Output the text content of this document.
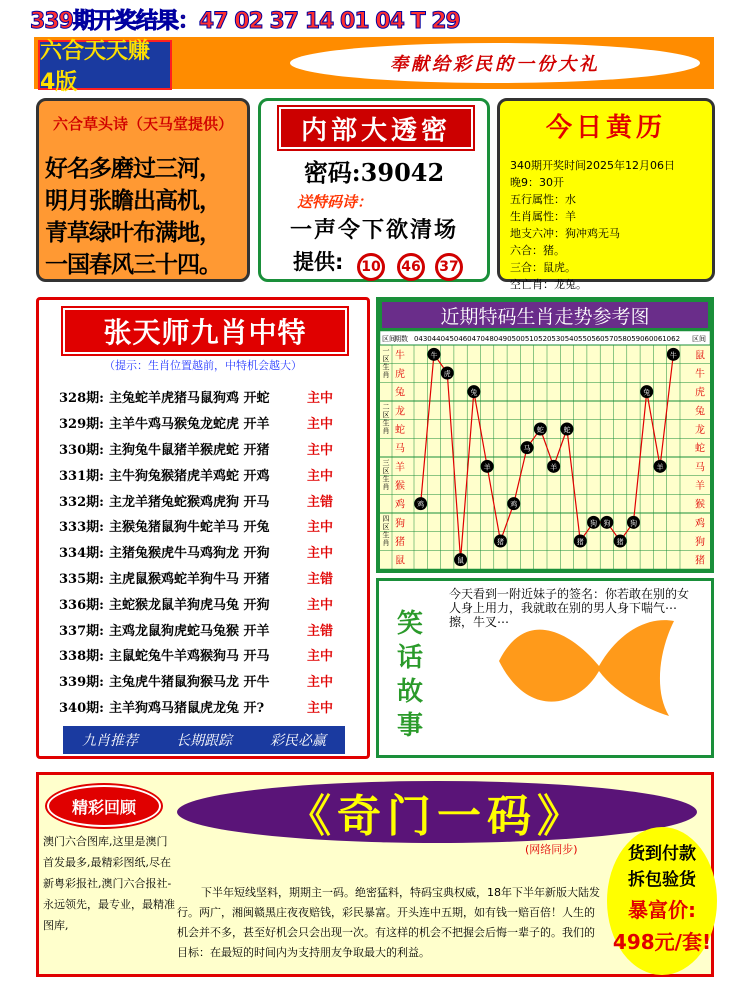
339期开奖结果：47 02 37 14 01 04 T 29
六合天天赚 4版
奉献给彩民的一份大礼
六合草头诗（天马堂提供）
好名多磨过三河，
明月张瞻出高机，
青草绿叶布满地，
一国春风三十四。
内部大透密
密码:39042
送特码诗：
一声令下欲清场
提供:	10	46	37
今日黄历
340期开奖时间2025年12月06日
晚9：30开
五行属性：水
生肖属性：羊
地支六冲：狗冲鸡无马
六合：猪。
三合：鼠虎。
空亡肖：龙兔。
张天师九肖中特
（提示：生肖位置越前，中特机会越大）
328期: 主兔蛇羊虎猪马鼠狗鸡 开蛇	主中
329期: 主羊牛鸡马猴兔龙蛇虎 开羊	主中
330期: 主狗兔牛鼠猪羊猴虎蛇 开猪	主中
331期: 主牛狗兔猴猪虎羊鸡蛇 开鸡	主中
332期: 主龙羊猪兔蛇猴鸡虎狗 开马	主错
333期: 主猴兔猪鼠狗牛蛇羊马 开兔	主中
334期: 主猪兔猴虎牛马鸡狗龙 开狗	主中
335期: 主虎鼠猴鸡蛇羊狗牛马 开猪	主错
336期: 主蛇猴龙鼠羊狗虎马兔 开狗	主中
337期: 主鸡龙鼠狗虎蛇马兔猴 开羊	主错
338期: 主鼠蛇兔牛羊鸡猴狗马 开马	主中
339期: 主兔虎牛猪鼠狗猴马龙 开牛	主中
340期: 主羊狗鸡马猪鼠虎龙兔 开?	主中
九肖推荐	长期跟踪	彩民必赢
近期特码生肖走势参考图
区间
期数	区间
043 044 045 046 047 048 049 050 051 052 053 054 055 056 057 058 059 060 061 062
一区生肖
二区生肖
三区生肖
四区生肖
牛
虎
兔
龙
蛇
马
羊
猴
鸡
狗
猪
鼠
鼠
牛
虎
兔
龙
蛇
马
羊
猴
鸡
狗
猪
鸡
牛
虎
鼠
兔
羊
猪
鸡
马
蛇
羊
蛇
猪
狗 狗
猪
狗
兔
羊
牛
笑
话
故
事
今天看到一附近妹子的签名：你若敢在别的女人身上用力，我就敢在别的男人身下喘气⋯擦，牛叉⋯
精彩回顾
澳门六合图库,这里是澳门首发最多,最精彩图纸,尽在新粤彩报社,澳门六合报社-永远领先，最专业，最精准图库,
《奇门一码》
(网络同步)
下半年短线坚料，期期主一码。绝密猛料，特码宝典权威，18年下半年新版大陆发行。两广，湘闽赣黑庄夜夜赔钱，彩民暴富。开头连中五期，如有钱一赔百倍！人生的机会并不多，甚至好机会只会出现一次。有这样的机会不把握会后悔一辈子的。我们的目标：在最短的时间内为支持朋友争取最大的利益。
货到付款
拆包验货
暴富价:
498元/套!
